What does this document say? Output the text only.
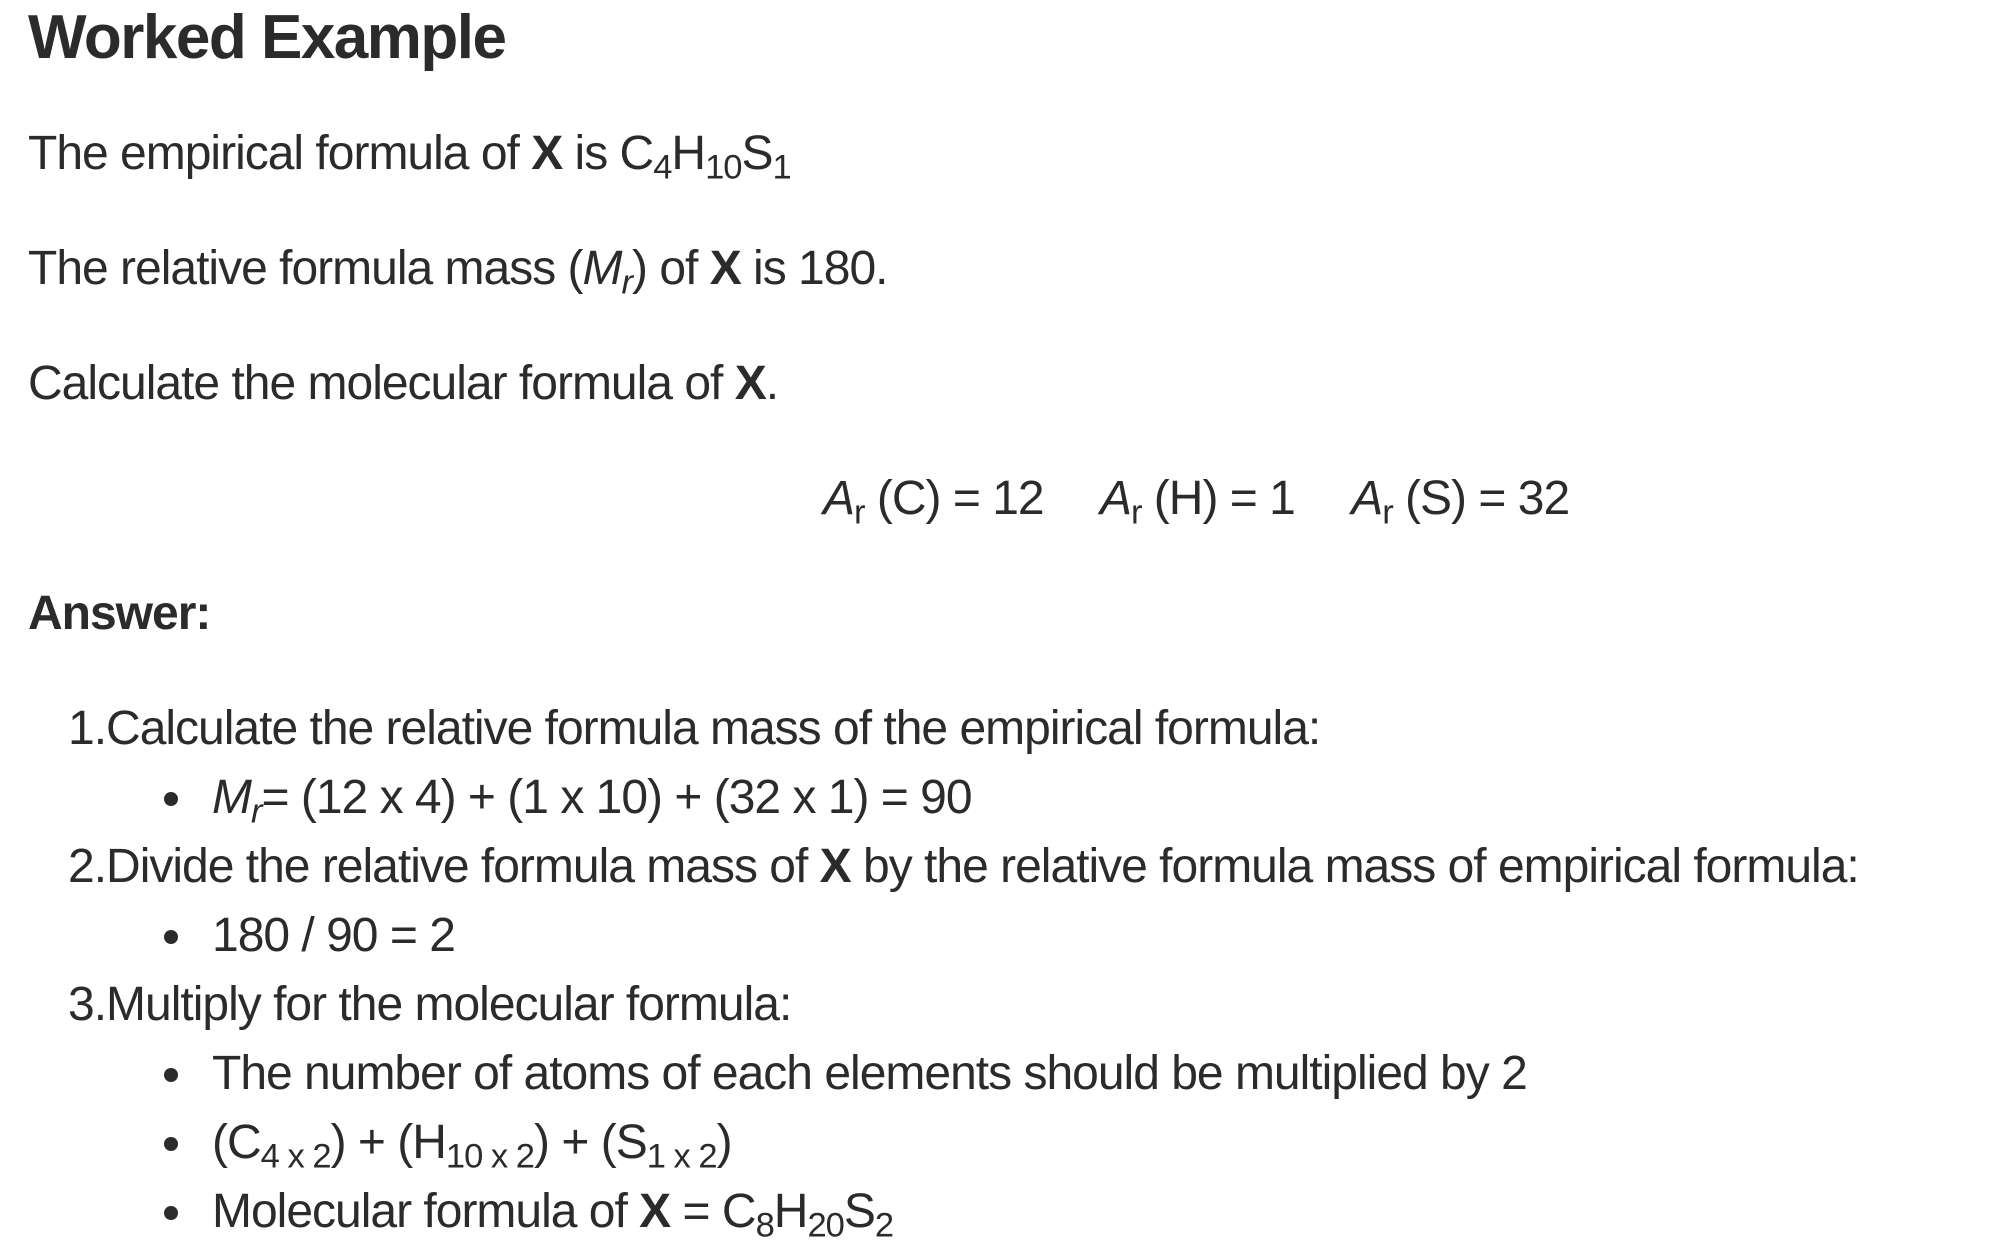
Worked Example
The empirical formula of X is $C_4H_{10}S_1$
The relative formula mass $(M_r)$ of X is 180.
Calculate the molecular formula of X.
$A_r$ (C) = 12 $A_r$ (H) = 1 $A_r$ (S) = 32
Answer:
1.Calculate the relative formula mass of the empirical formula:
$M_r= (12$ x 4) + (1 x 10) + (32 x 1) = 90
2.Divide the relative formula mass of X by the relative formula mass of empirical formula:
180 / 90 = 2
3.Multiply for the molecular formula:
The number of atoms of each elements should be multiplied by 2
$(C_{4 x 2}) + (H_{10 x 2}) + (S_{1 x 2})$
Molecular formula of $X = C_8H_{20}S_2$
